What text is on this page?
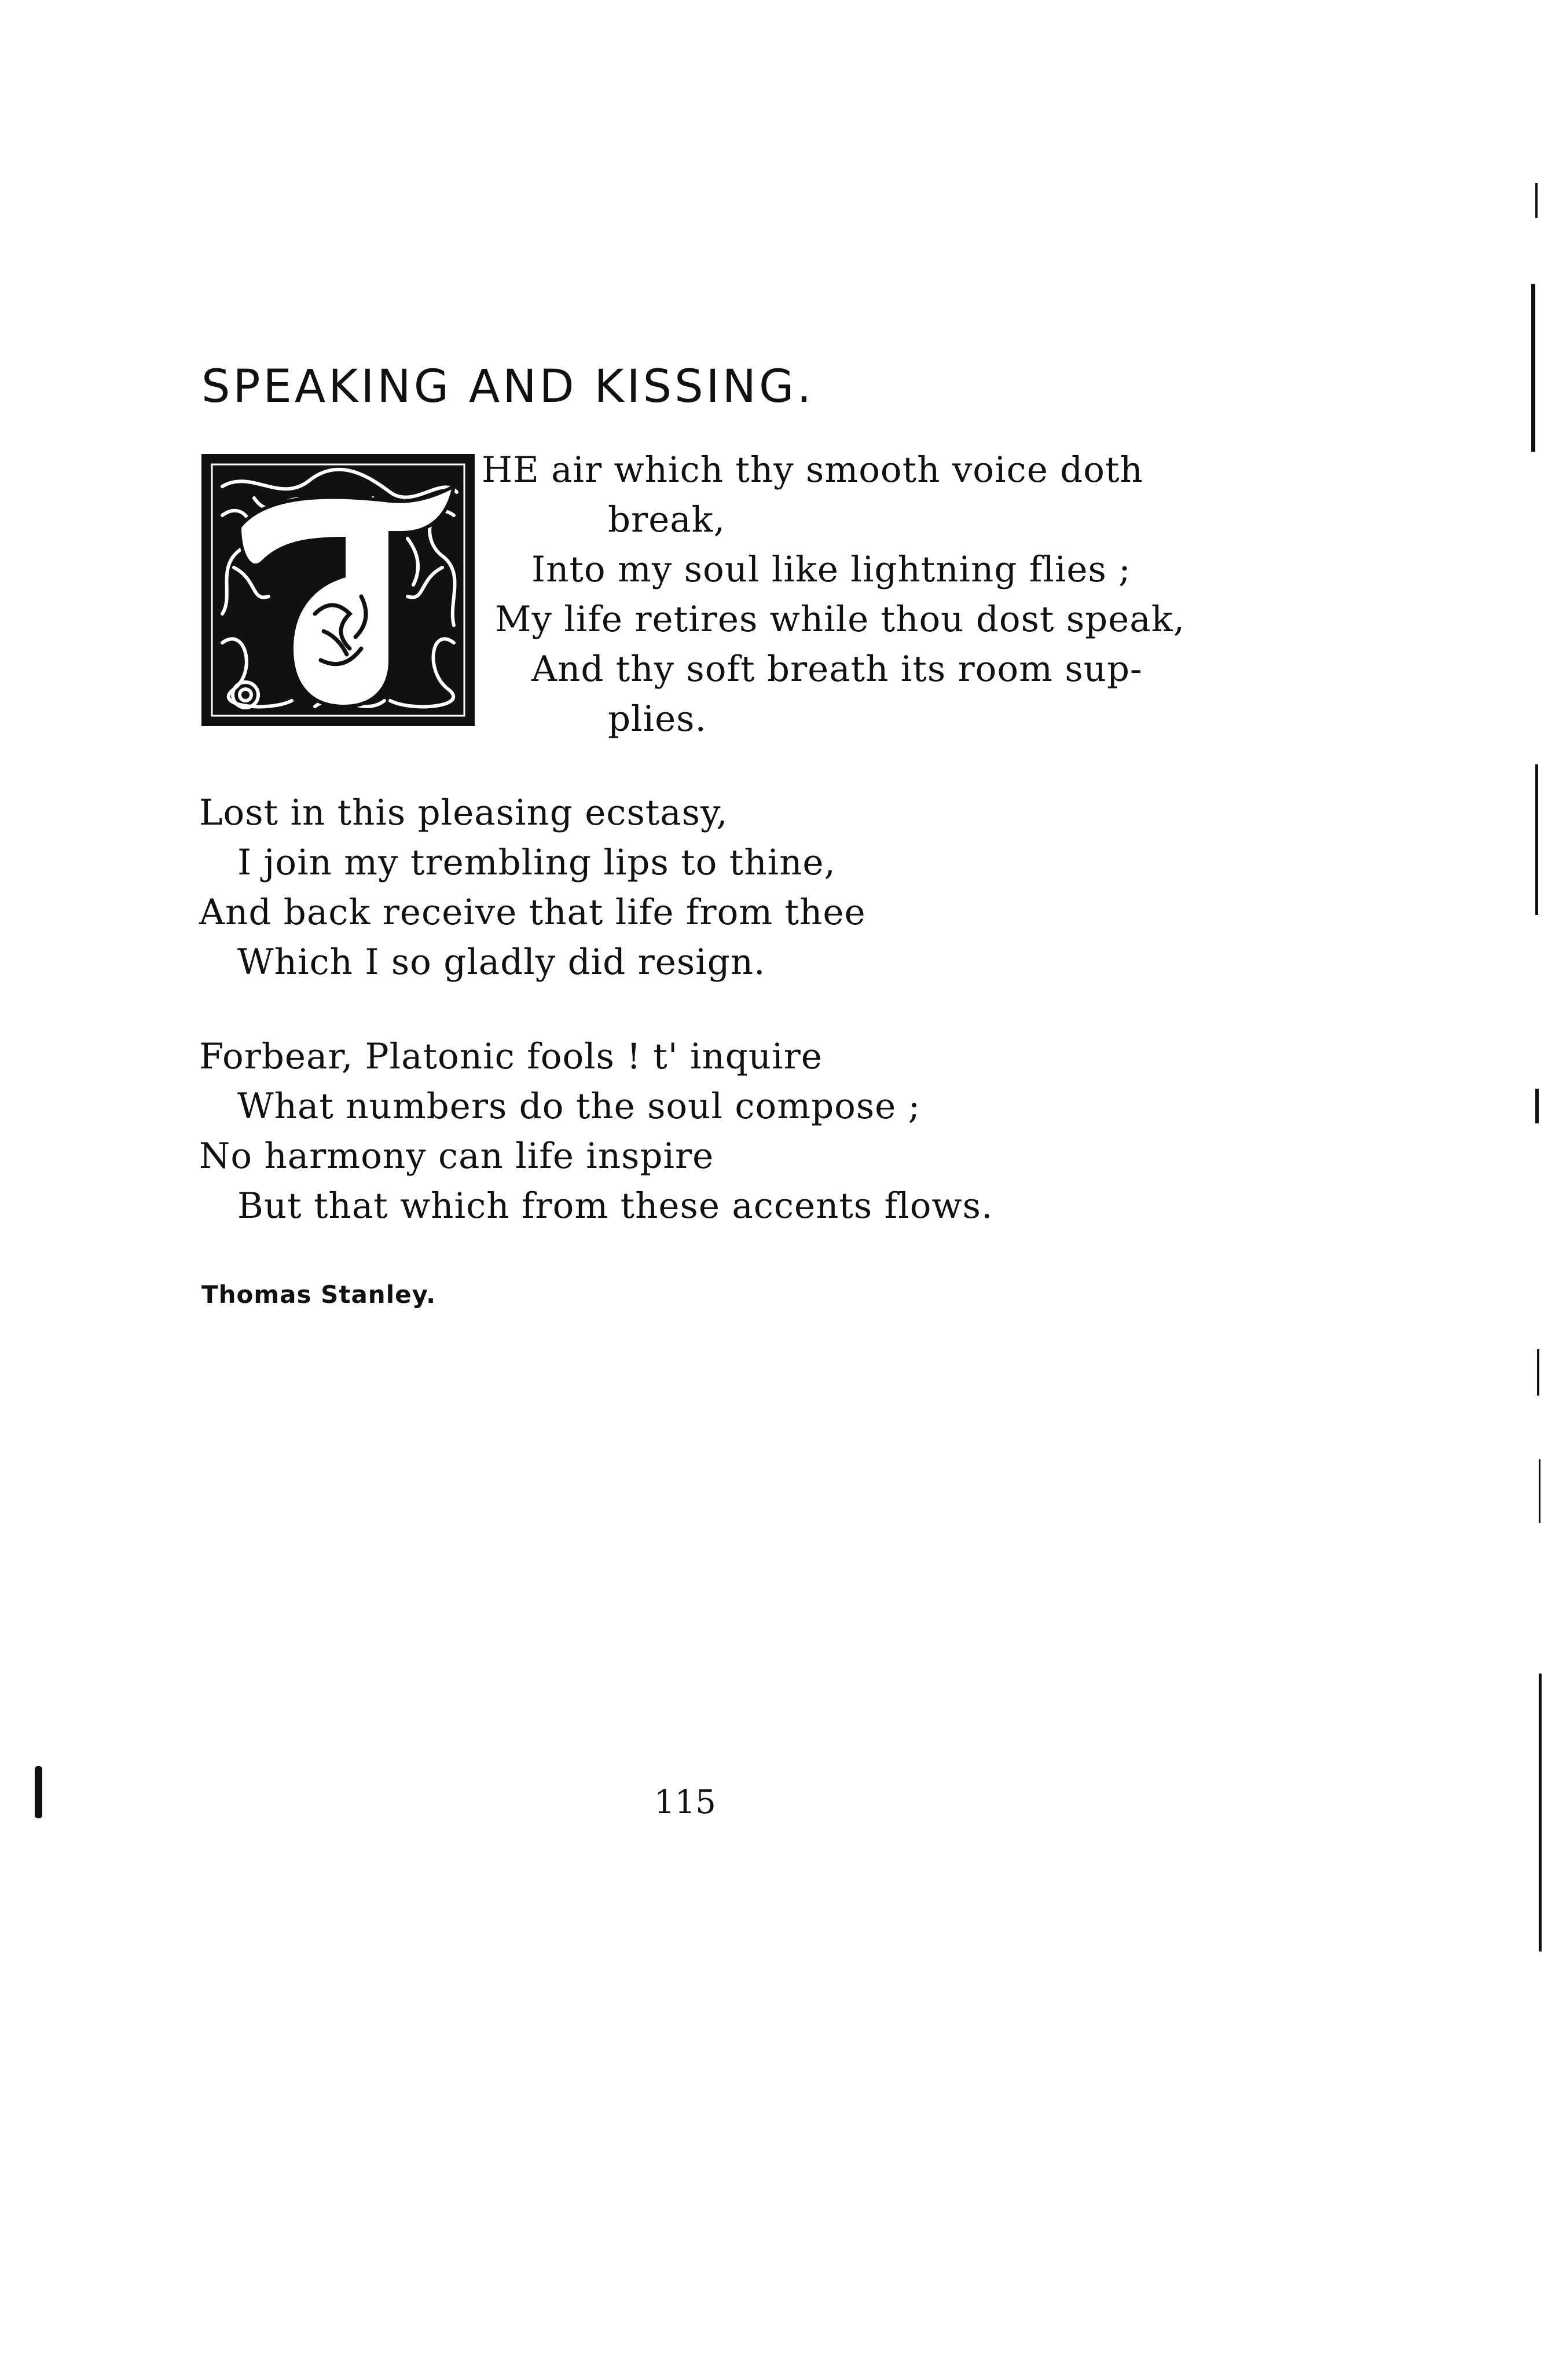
SPEAKING AND KISSING.
HE air which thy smooth voice doth
break,
Into my soul like lightning flies ;
My life retires while thou dost speak,
And thy soft breath its room sup-
plies.
Lost in this pleasing ecstasy,
I join my trembling lips to thine,
And back receive that life from thee
Which I so gladly did resign.
Forbear, Platonic fools ! t' inquire
What numbers do the soul compose ;
No harmony can life inspire
But that which from these accents flows.
Thomas Stanley.
115
